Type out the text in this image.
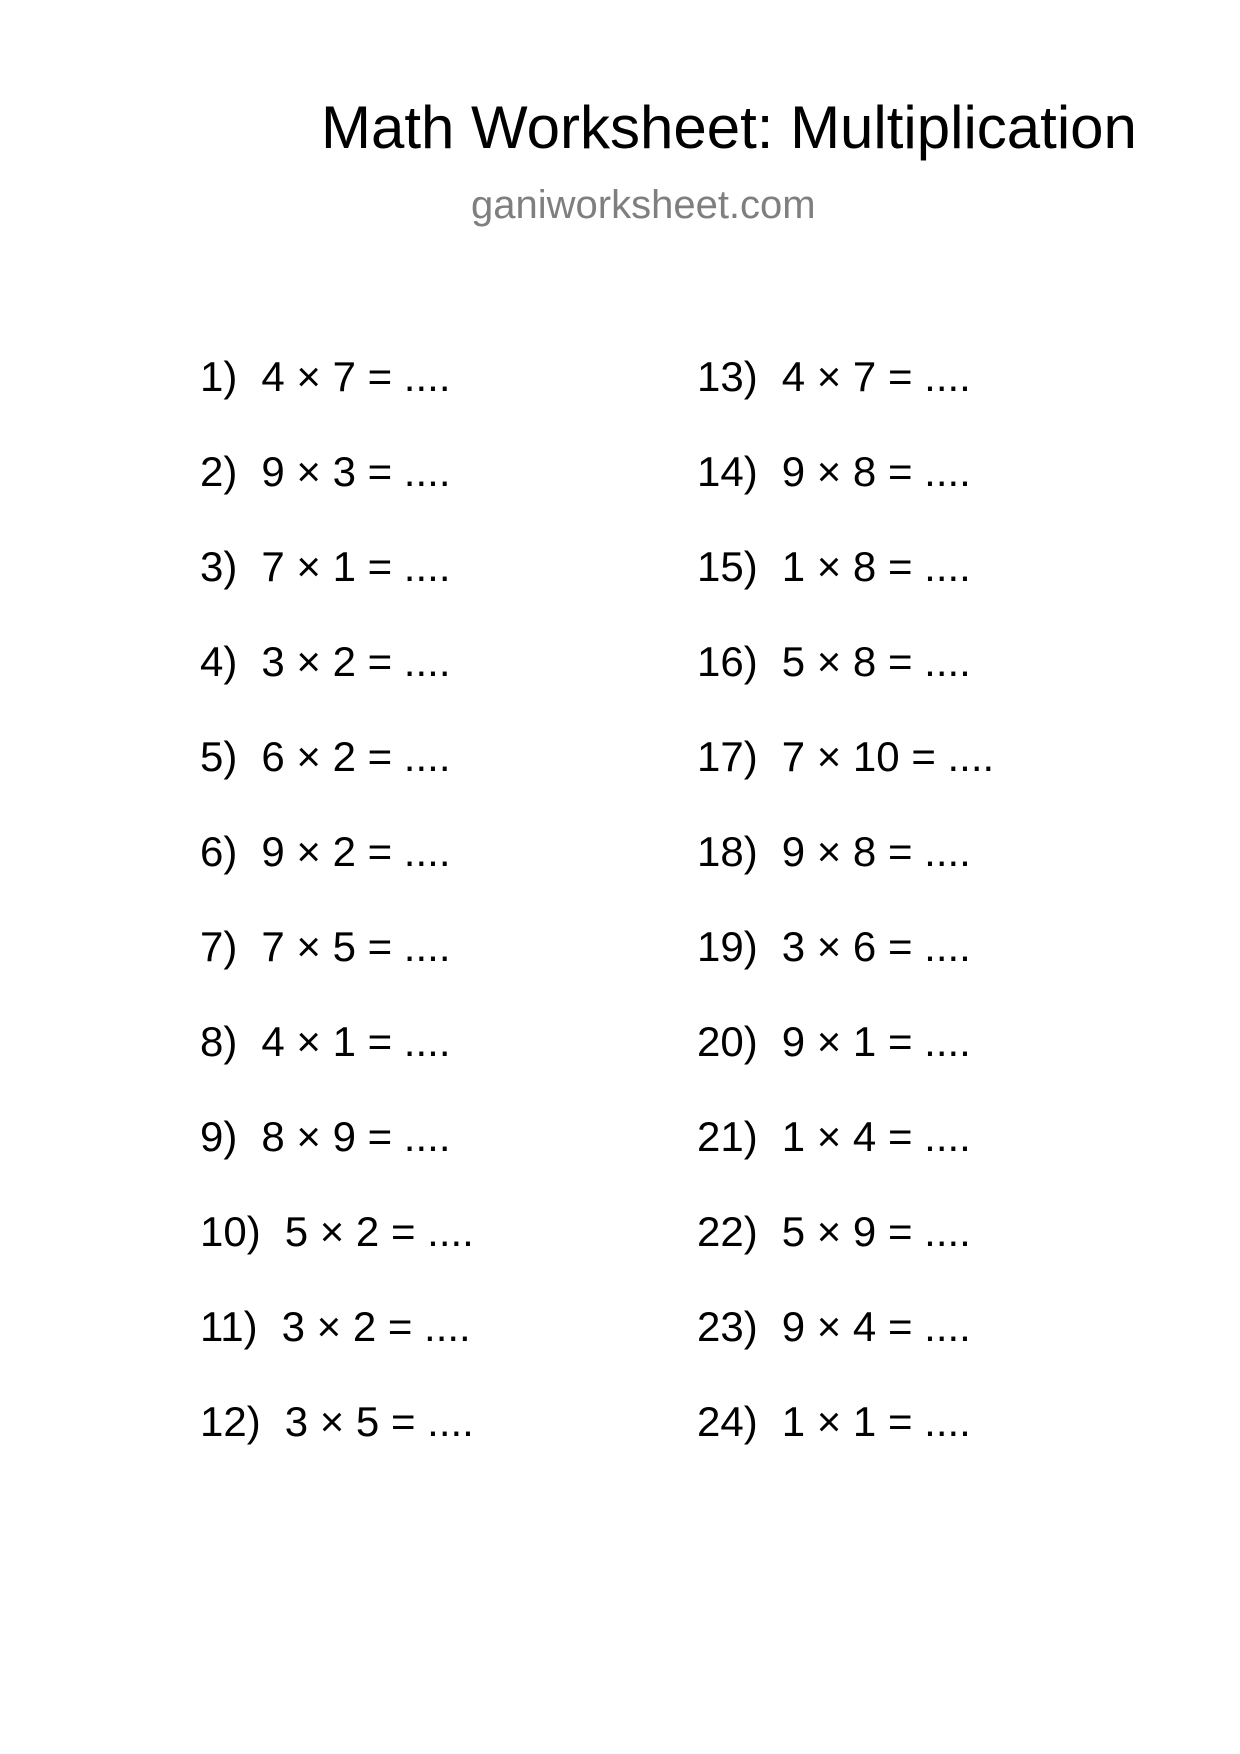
Math Worksheet: Multiplication
ganiworksheet.com
1) 4 × 7 = ....
2) 9 × 3 = ....
3) 7 × 1 = ....
4) 3 × 2 = ....
5) 6 × 2 = ....
6) 9 × 2 = ....
7) 7 × 5 = ....
8) 4 × 1 = ....
9) 8 × 9 = ....
10) 5 × 2 = ....
11) 3 × 2 = ....
12) 3 × 5 = ....
13) 4 × 7 = ....
14) 9 × 8 = ....
15) 1 × 8 = ....
16) 5 × 8 = ....
17) 7 × 10 = ....
18) 9 × 8 = ....
19) 3 × 6 = ....
20) 9 × 1 = ....
21) 1 × 4 = ....
22) 5 × 9 = ....
23) 9 × 4 = ....
24) 1 × 1 = ....
